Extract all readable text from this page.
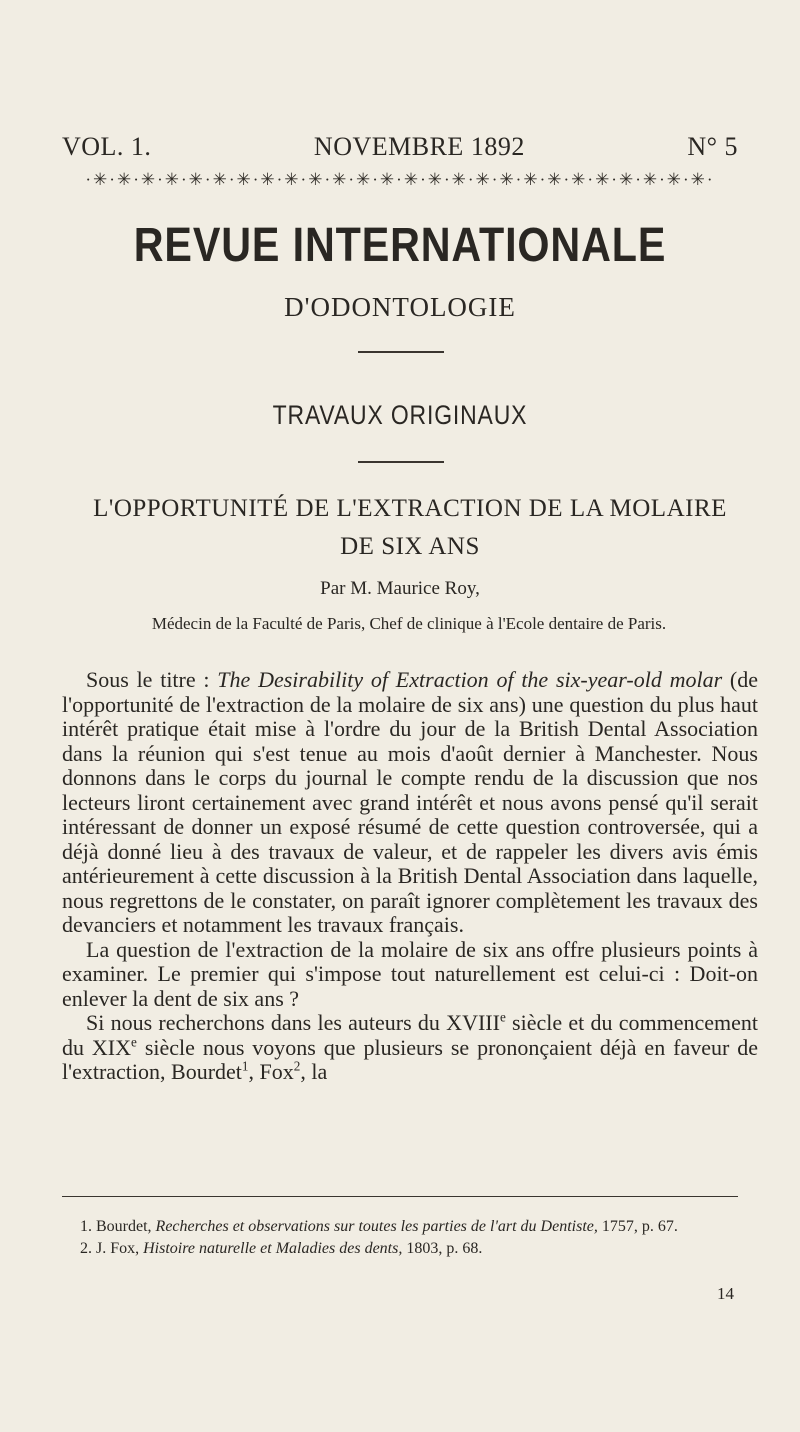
VOL. 1.	NOVEMBRE 1892	N° 5
·✳·✳·✳·✳·✳·✳·✳·✳·✳·✳·✳·✳·✳·✳·✳·✳·✳·✳·✳·✳·✳·✳·✳·✳·✳·✳·
REVUE INTERNATIONALE
D'ODONTOLOGIE
TRAVAUX ORIGINAUX
L'OPPORTUNITÉ DE L'EXTRACTION DE LA MOLAIRE
DE SIX ANS
Par M. Maurice Roy,
Médecin de la Faculté de Paris, Chef de clinique à l'Ecole dentaire de Paris.

Sous le titre : The Desirability of Extraction of the six-year-old molar (de l'opportunité de l'extraction de la molaire de six ans) une question du plus haut intérêt pratique était mise à l'ordre du jour de la British Dental Association dans la réunion qui s'est tenue au mois d'août dernier à Manchester. Nous donnons dans le corps du journal le compte rendu de la discussion que nos lecteurs liront certainement avec grand intérêt et nous avons pensé qu'il serait intéressant de donner un exposé résumé de cette question controversée, qui a déjà donné lieu à des travaux de valeur, et de rappeler les divers avis émis antérieurement à cette discussion à la British Dental Association dans laquelle, nous regrettons de le constater, on paraît ignorer complètement les travaux des devanciers et notamment les travaux français.

La question de l'extraction de la molaire de six ans offre plusieurs points à examiner. Le premier qui s'impose tout naturellement est celui-ci : Doit-on enlever la dent de six ans ?

Si nous recherchons dans les auteurs du XVIIIe siècle et du commencement du XIXe siècle nous voyons que plusieurs se prononçaient déjà en faveur de l'extraction, Bourdet$^1$, Fox$^2$, la

1. Bourdet, Recherches et observations sur toutes les parties de l'art du Dentiste, 1757, p. 67.

2. J. Fox, Histoire naturelle et Maladies des dents, 1803, p. 68.

14
